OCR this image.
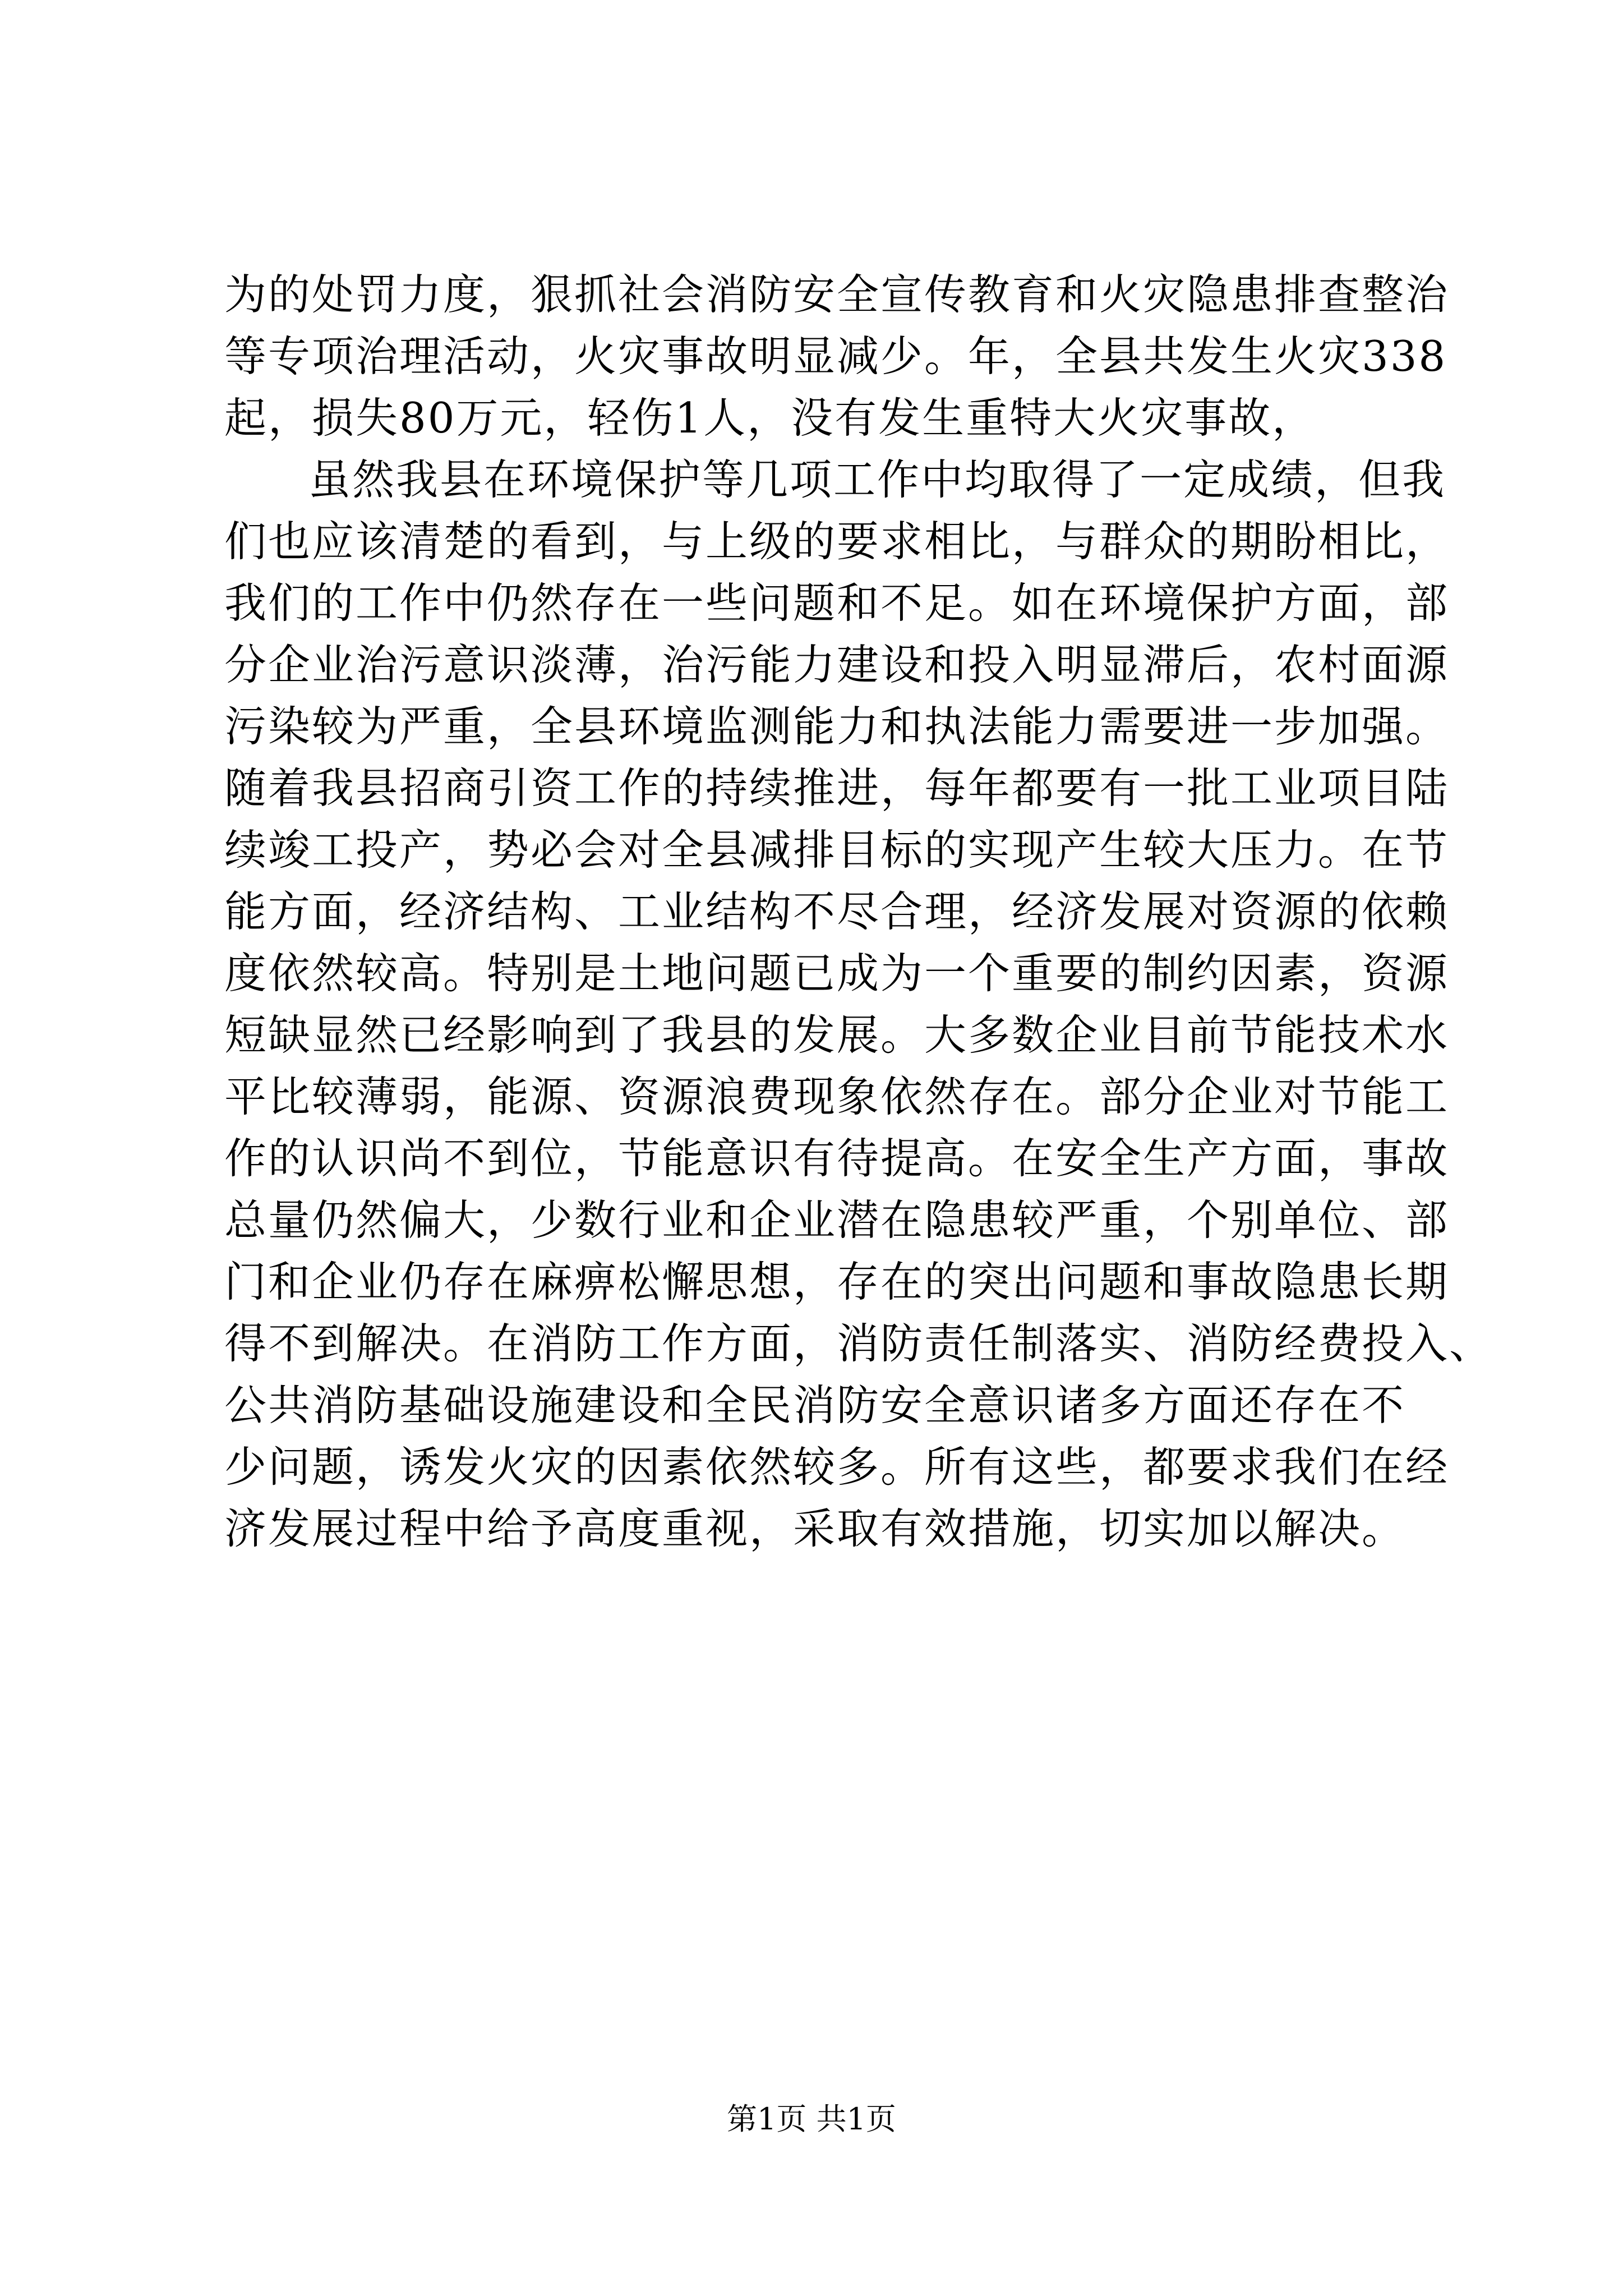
为的处罚力度，狠抓社会消防安全宣传教育和火灾隐患排查整治
等专项治理活动，火灾事故明显减少。年，全县共发生火灾338
起，损失80万元，轻伤1人，没有发生重特大火灾事故，
虽然我县在环境保护等几项工作中均取得了一定成绩，但我
们也应该清楚的看到，与上级的要求相比，与群众的期盼相比，
我们的工作中仍然存在一些问题和不足。如在环境保护方面，部
分企业治污意识淡薄，治污能力建设和投入明显滞后，农村面源
污染较为严重，全县环境监测能力和执法能力需要进一步加强。
随着我县招商引资工作的持续推进，每年都要有一批工业项目陆
续竣工投产，势必会对全县减排目标的实现产生较大压力。在节
能方面，经济结构、工业结构不尽合理，经济发展对资源的依赖
度依然较高。特别是土地问题已成为一个重要的制约因素，资源
短缺显然已经影响到了我县的发展。大多数企业目前节能技术水
平比较薄弱，能源、资源浪费现象依然存在。部分企业对节能工
作的认识尚不到位，节能意识有待提高。在安全生产方面，事故
总量仍然偏大，少数行业和企业潜在隐患较严重，个别单位、部
门和企业仍存在麻痹松懈思想，存在的突出问题和事故隐患长期
得不到解决。在消防工作方面，消防责任制落实、消防经费投入、
公共消防基础设施建设和全民消防安全意识诸多方面还存在不
少问题，诱发火灾的因素依然较多。所有这些，都要求我们在经
济发展过程中给予高度重视，采取有效措施，切实加以解决。
第1页 共1页
